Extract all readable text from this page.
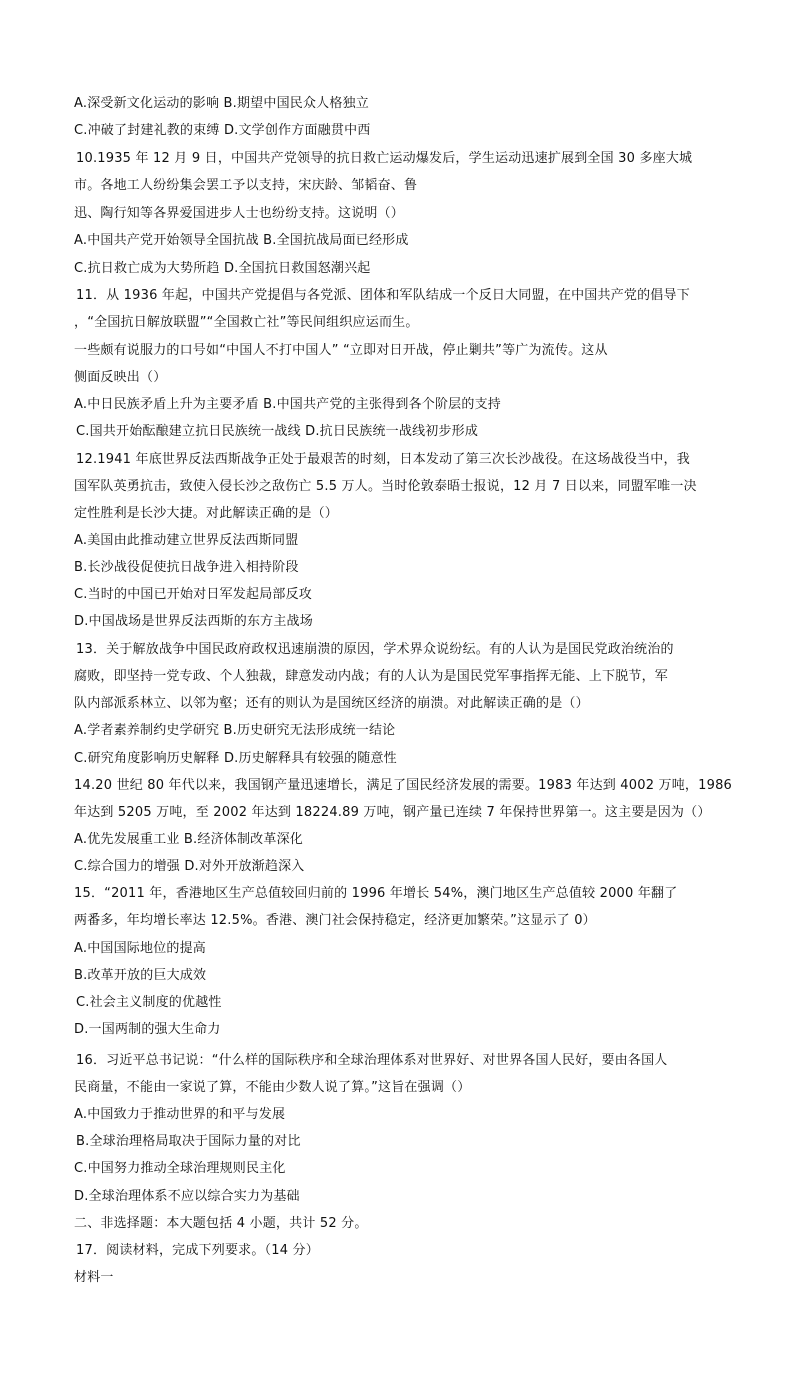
A.深受新文化运动的影响 B.期望中国民众人格独立
C.冲破了封建礼教的束缚 D.文学创作方面融贯中西
10.1935 年 12 月 9 日，中国共产党领导的抗日救亡运动爆发后，学生运动迅速扩展到全国 30 多座大城
市。各地工人纷纷集会罢工予以支持，宋庆龄、邹韬奋、鲁
迅、陶行知等各界爱国进步人士也纷纷支持。这说明（）
A.中国共产党开始领导全国抗战 B.全国抗战局面已经形成
C.抗日救亡成为大势所趋 D.全国抗日救国怒潮兴起
11．从 1936 年起，中国共产党提倡与各党派、团体和军队结成一个反日大同盟，在中国共产党的倡导下
，“全国抗日解放联盟”“全国救亡社”等民间组织应运而生。
一些颇有说服力的口号如“中国人不打中国人” “立即对日开战，停止剿共”等广为流传。这从
侧面反映出（）
A.中日民族矛盾上升为主要矛盾 B.中国共产党的主张得到各个阶层的支持
C.国共开始酝酿建立抗日民族统一战线 D.抗日民族统一战线初步形成
12.1941 年底世界反法西斯战争正处于最艰苦的时刻，日本发动了第三次长沙战役。在这场战役当中，我
国军队英勇抗击，致使入侵长沙之敌伤亡 5.5 万人。当时伦敦泰晤士报说，12 月 7 日以来，同盟军唯一决
定性胜利是长沙大捷。对此解读正确的是（）
A.美国由此推动建立世界反法西斯同盟
B.长沙战役促使抗日战争进入相持阶段
C.当时的中国已开始对日军发起局部反攻
D.中国战场是世界反法西斯的东方主战场
13．关于解放战争中国民政府政权迅速崩溃的原因，学术界众说纷纭。有的人认为是国民党政治统治的
腐败，即坚持一党专政、个人独裁，肆意发动内战；有的人认为是国民党军事指挥无能、上下脱节，军
队内部派系林立、以邻为壑；还有的则认为是国统区经济的崩溃。对此解读正确的是（）
A.学者素养制约史学研究 B.历史研究无法形成统一结论
C.研究角度影响历史解释 D.历史解释具有较强的随意性
14.20 世纪 80 年代以来，我国钢产量迅速增长，满足了国民经济发展的需要。1983 年达到 4002 万吨，1986
年达到 5205 万吨，至 2002 年达到 18224.89 万吨，钢产量已连续 7 年保持世界第一。这主要是因为（）
A.优先发展重工业 B.经济体制改革深化
C.综合国力的增强 D.对外开放渐趋深入
15．“2011 年，香港地区生产总值较回归前的 1996 年增长 54%，澳门地区生产总值较 2000 年翻了
两番多，年均增长率达 12.5%。香港、澳门社会保持稳定，经济更加繁荣。”这显示了 0）
A.中国国际地位的提高
B.改革开放的巨大成效
C.社会主义制度的优越性
D.一国两制的强大生命力
16．习近平总书记说：“什么样的国际秩序和全球治理体系对世界好、对世界各国人民好，要由各国人
民商量，不能由一家说了算，不能由少数人说了算。”这旨在强调（）
A.中国致力于推动世界的和平与发展
B.全球治理格局取决于国际力量的对比
C.中国努力推动全球治理规则民主化
D.全球治理体系不应以综合实力为基础
二、非选择题：本大题包括 4 小题，共计 52 分。
17．阅读材料，完成下列要求。（14 分）
材料一
